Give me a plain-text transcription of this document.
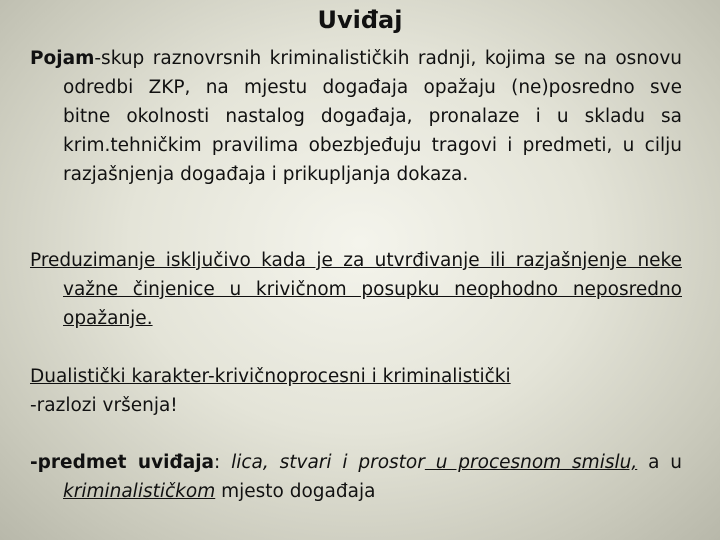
Uviđaj
Pojam-skup raznovrsnih kriminalističkih radnji, kojima se na osnovu
odredbi ZKP, na mjestu događaja opažaju (ne)posredno sve
bitne okolnosti nastalog događaja, pronalaze i u skladu sa
krim.tehničkim pravilima obezbjeđuju tragovi i predmeti, u cilju
razjašnjenja događaja i prikupljanja dokaza.
Preduzimanje isključivo kada je za utvrđivanje ili razjašnjenje neke
važne činjenice u krivičnom posupku neophodno neposredno
opažanje.
Dualistički karakter-krivičnoprocesni i kriminalistički
-razlozi vršenja!
-predmet uviđaja: lica, stvari i prostor u procesnom smislu, a u
kriminalističkom mjesto događaja
